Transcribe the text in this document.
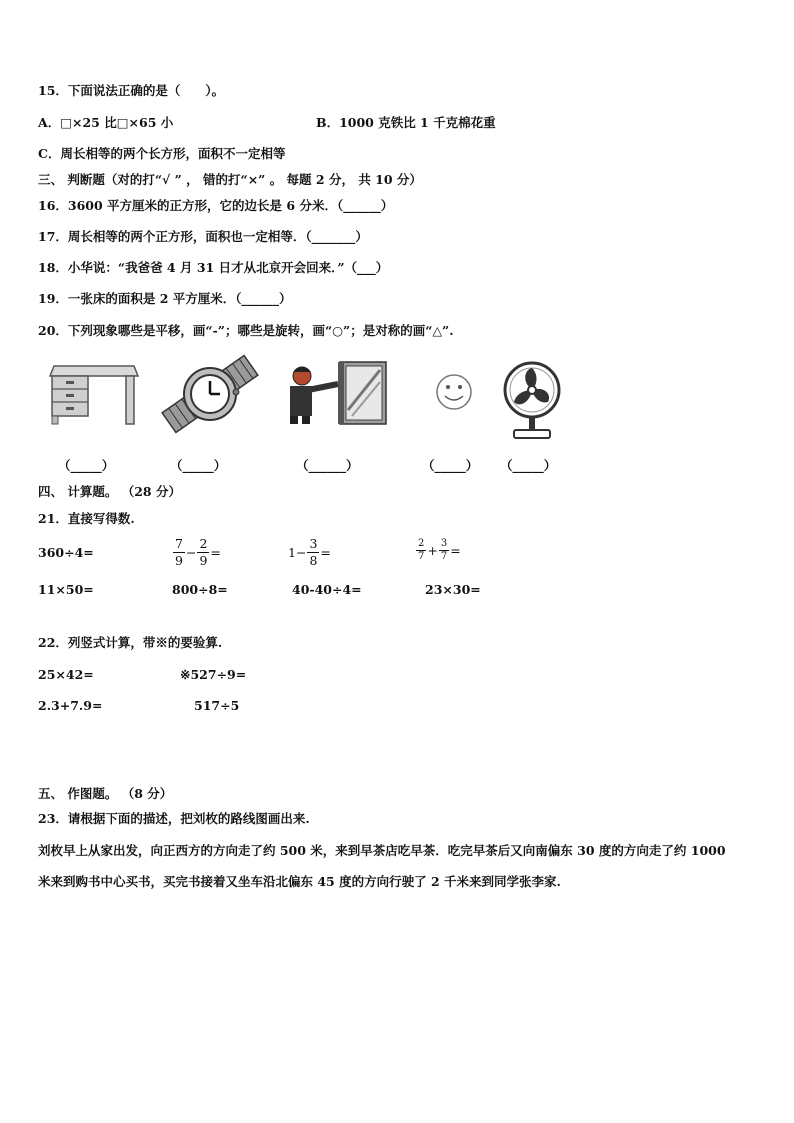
15．下面说法正确的是（　　）。
A．□×25 比□×65 小	B．1000 克铁比 1 千克棉花重
C．周长相等的两个长方形，面积不一定相等
三、 判断题（对的打“√ ” ， 错的打“×” 。 每题 2 分， 共 10 分）
16．3600 平方厘米的正方形，它的边长是 6 分米．（______）
17．周长相等的两个正方形，面积也一定相等．（_______）
18．小华说：“我爸爸 4 月 31 日才从北京开会回来．”（___）
19．一张床的面积是 2 平方厘米．（______）
20．下列现象哪些是平移，画“-”；哪些是旋转，画“○”；是对称的画“△”.
（_____）	（_____）	（______）	（_____） （_____）
四、 计算题。 （28 分）
21．直接写得数.
360÷4=	$\frac{7}{9} - \frac{2}{9}$ =	$1- \frac{3}{8}$ =	$\frac{2}{7} + \frac{3}{7}$ =
11×50=	800÷8=	40-40÷4=	23×30=
22．列竖式计算，带※的要验算.
25×42=	※527÷9=
2.3+7.9=	517÷5
五、 作图题。 （8 分）
23．请根据下面的描述，把刘枚的路线图画出来.
刘枚早上从家出发，向正西方的方向走了约 500 米，来到早茶店吃早茶．吃完早茶后又向南偏东 30 度的方向走了约 1000
米来到购书中心买书，买完书接着又坐车沿北偏东 45 度的方向行驶了 2 千米来到同学张李家.
